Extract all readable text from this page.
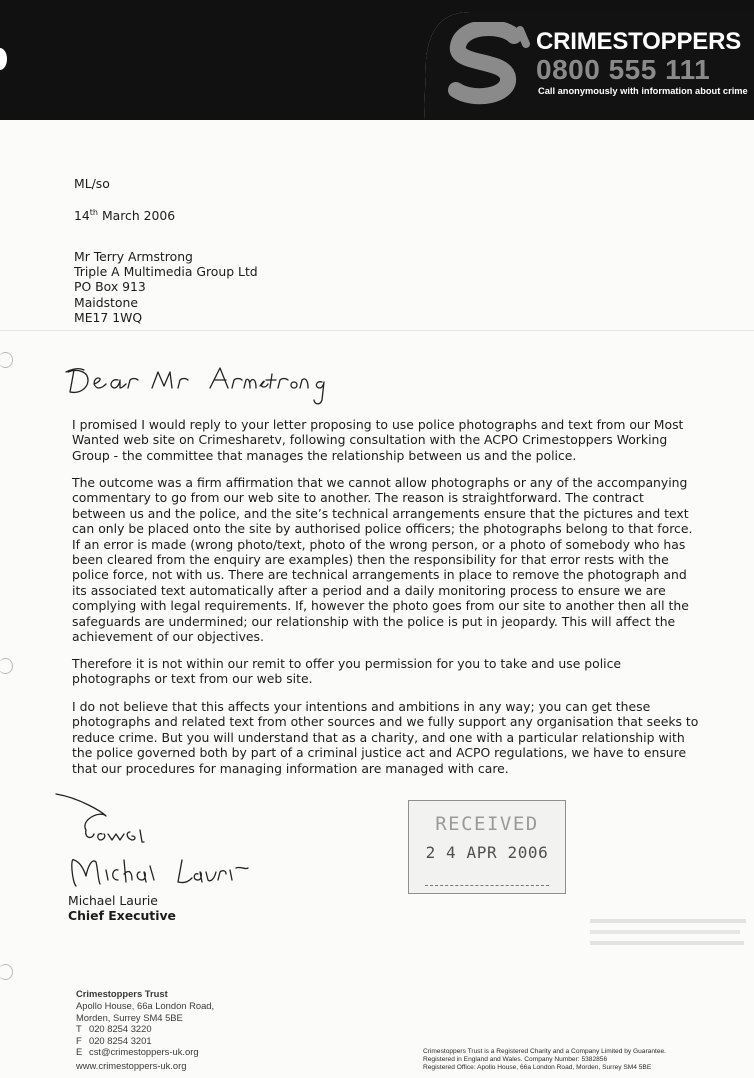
CRIMESTOPPERS
0800 555 111
Call anonymously with information about crime
ML/so
14th March 2006
Mr Terry Armstrong
Triple A Multimedia Group Ltd
PO Box 913
Maidstone
ME17 1WQ
I promised I would reply to your letter proposing to use police photographs and text from our Most
Wanted web site on Crimesharetv, following consultation with the ACPO Crimestoppers Working
Group - the committee that manages the relationship between us and the police.
The outcome was a firm affirmation that we cannot allow photographs or any of the accompanying
commentary to go from our web site to another. The reason is straightforward. The contract
between us and the police, and the site’s technical arrangements ensure that the pictures and text
can only be placed onto the site by authorised police officers; the photographs belong to that force.
If an error is made (wrong photo/text, photo of the wrong person, or a photo of somebody who has
been cleared from the enquiry are examples) then the responsibility for that error rests with the
police force, not with us. There are technical arrangements in place to remove the photograph and
its associated text automatically after a period and a daily monitoring process to ensure we are
complying with legal requirements. If, however the photo goes from our site to another then all the
safeguards are undermined; our relationship with the police is put in jeopardy. This will affect the
achievement of our objectives.
Therefore it is not within our remit to offer you permission for you to take and use police
photographs or text from our web site.
I do not believe that this affects your intentions and ambitions in any way; you can get these
photographs and related text from other sources and we fully support any organisation that seeks to
reduce crime. But you will understand that as a charity, and one with a particular relationship with
the police governed both by part of a criminal justice act and ACPO regulations, we have to ensure
that our procedures for managing information are managed with care.
Michael Laurie
Chief Executive
RECEIVED
2 4 APR 2006
Crimestoppers Trust
Apollo House, 66a London Road,
Morden, Surrey SM4 5BE
T 020 8254 3220
F 020 8254 3201
E cst@crimestoppers-uk.org
www.crimestoppers-uk.org
Crimestoppers Trust is a Registered Charity and a Company Limited by Guarantee.
Registered in England and Wales. Company Number: 5382856
Registered Office: Apollo House, 66a London Road, Morden, Surrey SM4 5BE
